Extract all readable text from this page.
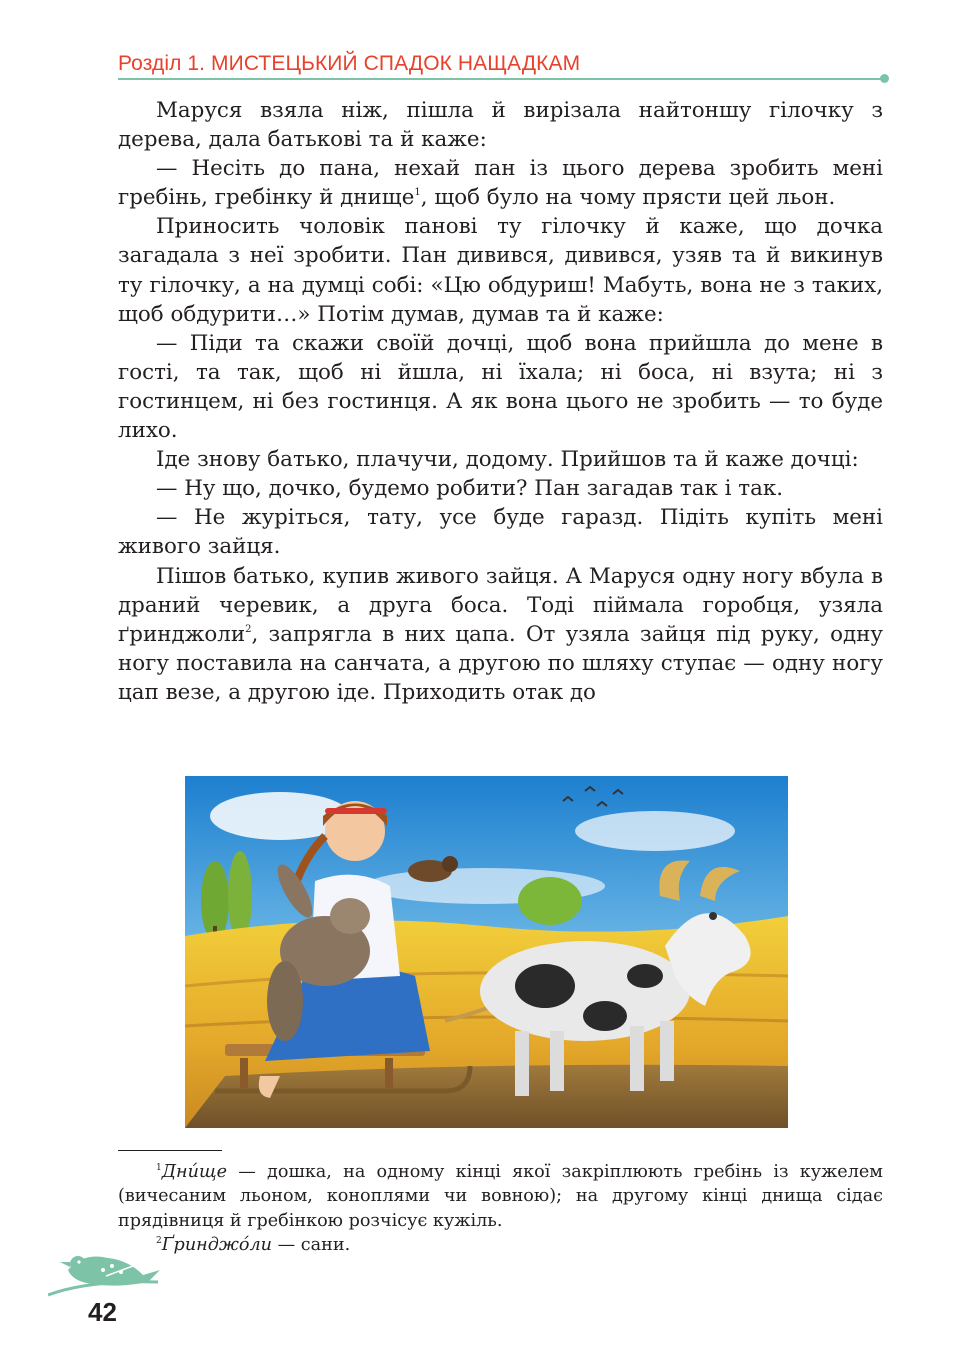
Розділ 1. МИСТЕЦЬКИЙ СПАДОК НАЩАДКАМ

Маруся взяла ніж, пішла й вирізала найтоншу гілочку з дерева, дала батькові та й каже:

— Несіть до пана, нехай пан із цього дерева зробить мені гребінь, гребінку й днище$^1$, щоб було на чому прясти цей льон.

Приносить чоловік панові ту гілочку й каже, що дочка загадала з неї зробити. Пан дивився, дивився, узяв та й викинув ту гілочку, а на думці собі: «Цю обдуриш! Мабуть, вона не з таких, щоб обдурити…» Потім думав, думав та й каже:

— Піди та скажи своїй дочці, щоб вона прийшла до мене в гості, та так, щоб ні йшла, ні їхала; ні боса, ні взута; ні з гостинцем, ні без гостинця. А як вона цього не зробить — то буде лихо.

Іде знову батько, плачучи, додому. Прийшов та й каже дочці:

— Ну що, дочко, будемо робити? Пан загадав так і так.

— Не журіться, тату, усе буде гаразд. Підіть купіть мені живого зайця.

Пішов батько, купив живого зайця. А Маруся одну ногу вбула в драний черевик, а друга боса. Тоді піймала горобця, узяла ґринджоли$^2$, запрягла в них цапа. От узяла зайця під руку, одну ногу поставила на санчата, а другою по шляху ступає — одну ногу цап везе, а другою іде. Приходить отак до

$^1$Дни́ще — дошка, на одному кінці якої закріплюють гребінь із кужелем (вичесаним льоном, коноплями чи вовною); на другому кінці днища сідає прядівниця й гребінкою розчісує кужіль.

$^2$Ґринджо́ли — сани.

42
